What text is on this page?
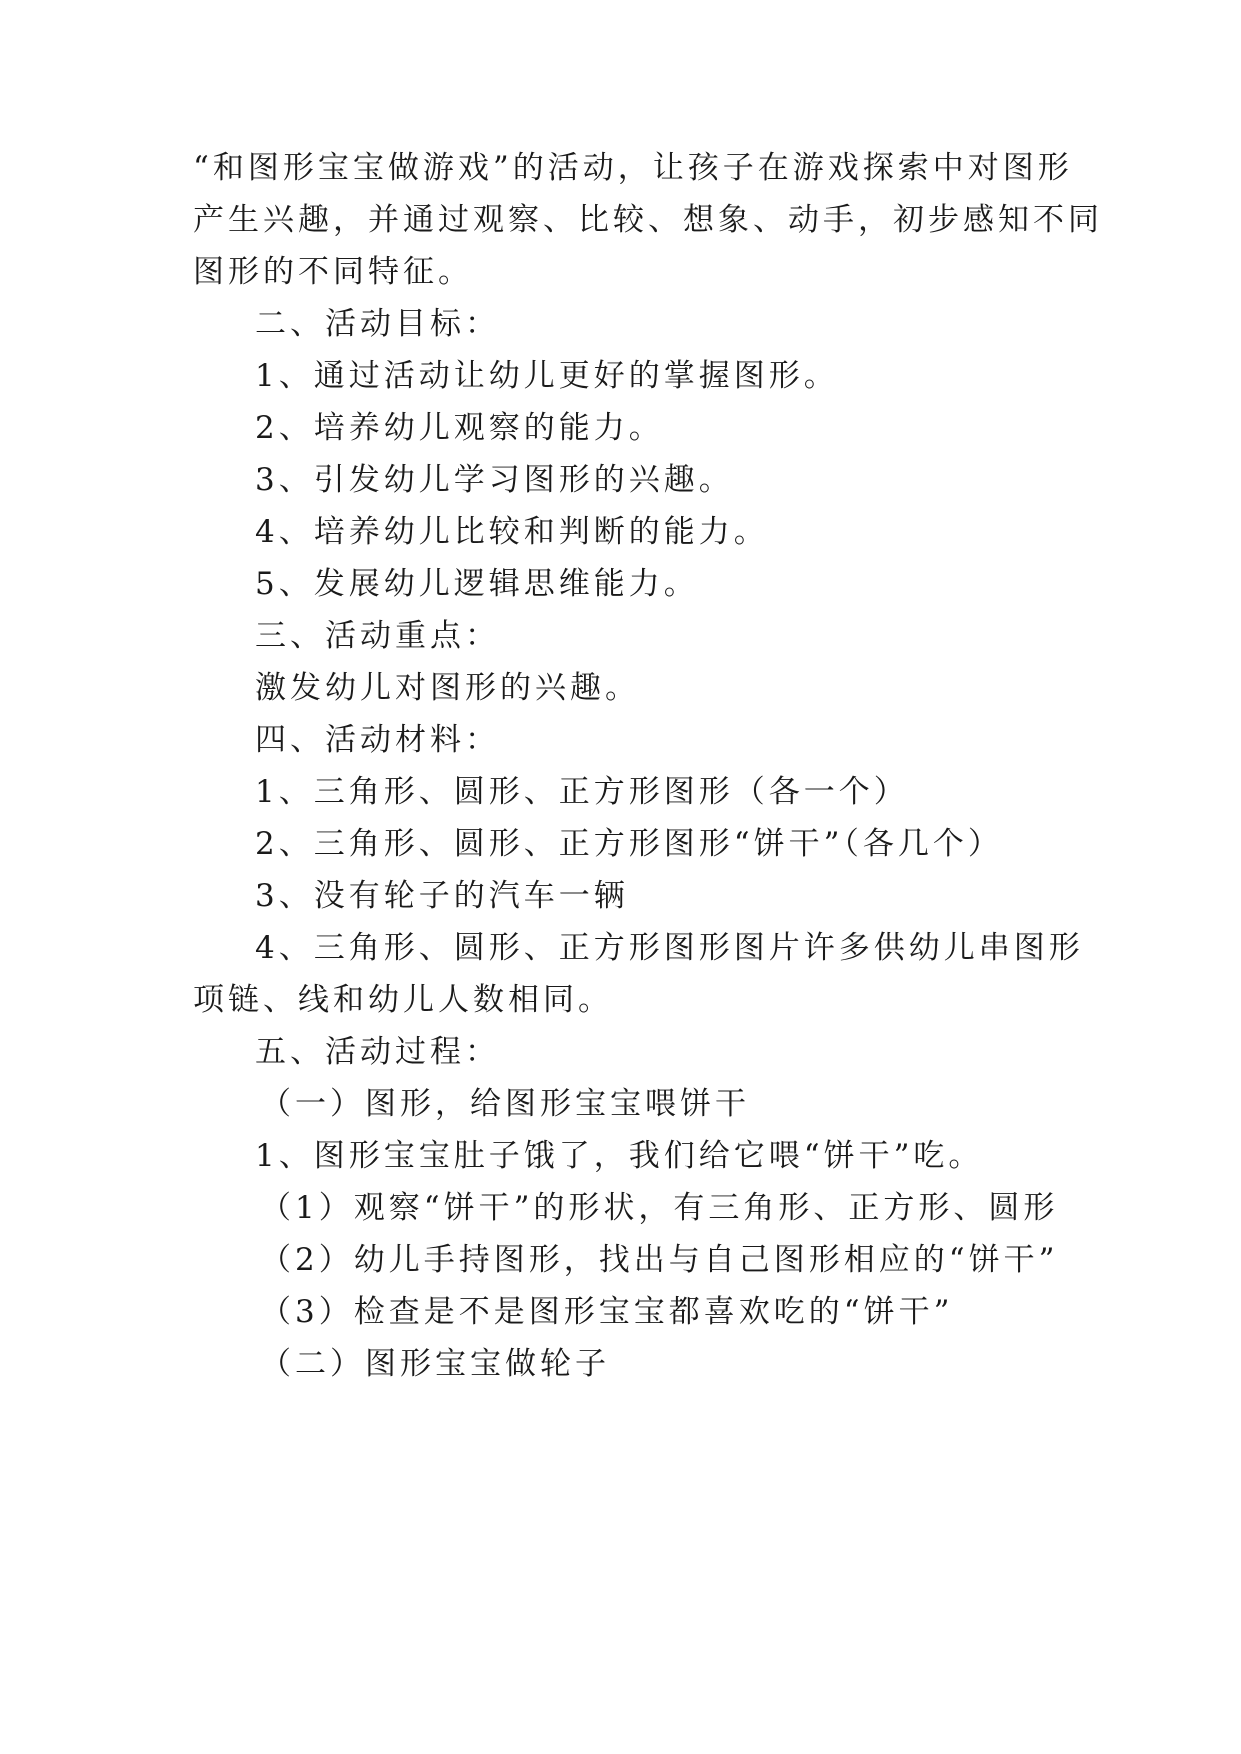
“和图形宝宝做游戏”的活动，让孩子在游戏探索中对图形
产生兴趣，并通过观察、比较、想象、动手，初步感知不同
图形的不同特征。
二、活动目标：
1、通过活动让幼儿更好的掌握图形。
2、培养幼儿观察的能力。
3、引发幼儿学习图形的兴趣。
4、培养幼儿比较和判断的能力。
5、发展幼儿逻辑思维能力。
三、活动重点：
激发幼儿对图形的兴趣。
四、活动材料：
1、三角形、圆形、正方形图形（各一个）
2、三角形、圆形、正方形图形“饼干”（各几个）
3、没有轮子的汽车一辆
4、三角形、圆形、正方形图形图片许多供幼儿串图形
项链、线和幼儿人数相同。
五、活动过程：
（一）图形，给图形宝宝喂饼干
1、图形宝宝肚子饿了，我们给它喂“饼干”吃。
（1）观察“饼干”的形状，有三角形、正方形、圆形
（2）幼儿手持图形，找出与自己图形相应的“饼干”
（3）检查是不是图形宝宝都喜欢吃的“饼干”
（二）图形宝宝做轮子
